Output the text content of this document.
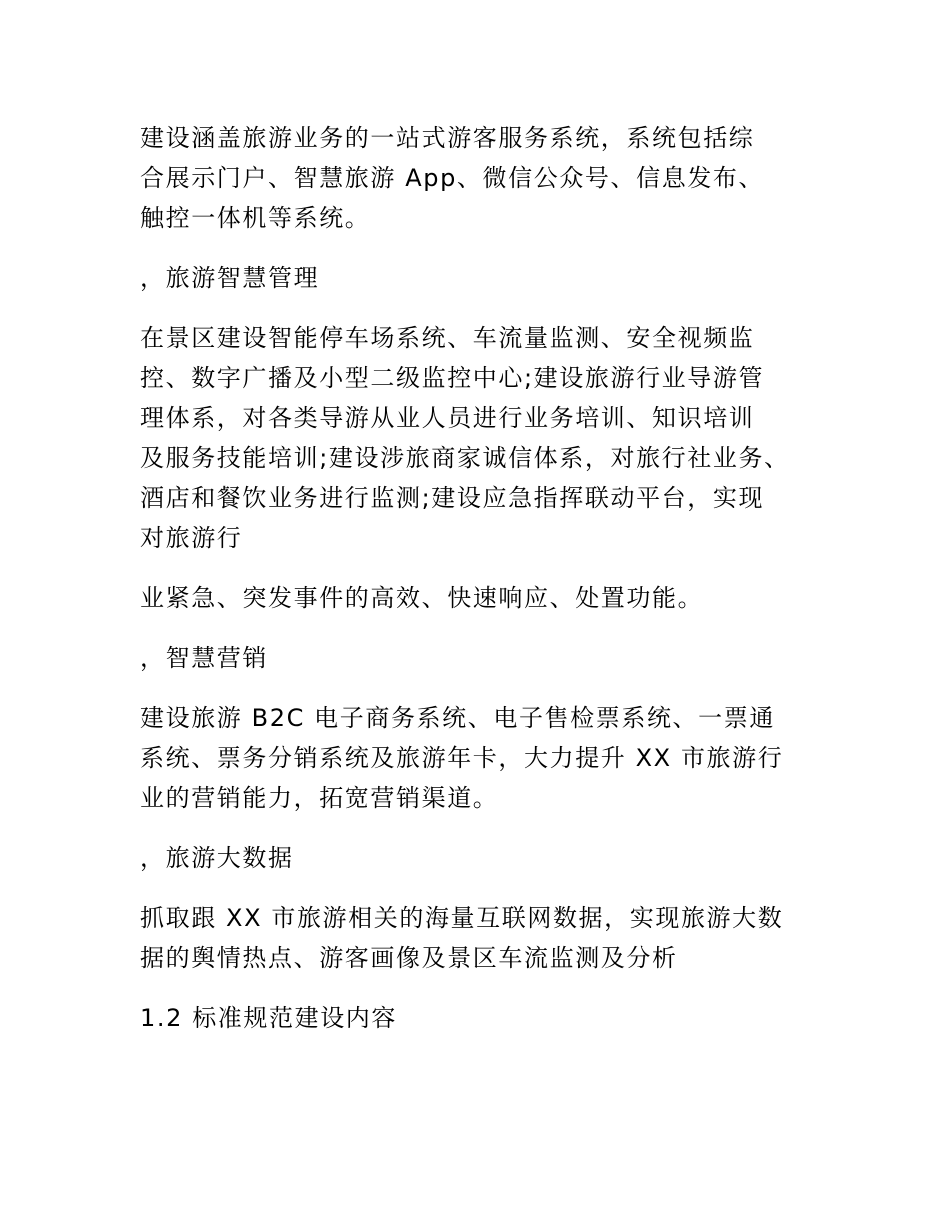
建设涵盖旅游业务的一站式游客服务系统，系统包括综
合展示门户、智慧旅游 App、微信公众号、信息发布、
触控一体机等系统。

，旅游智慧管理

在景区建设智能停车场系统、车流量监测、安全视频监
控、数字广播及小型二级监控中心;建设旅游行业导游管
理体系，对各类导游从业人员进行业务培训、知识培训
及服务技能培训;建设涉旅商家诚信体系，对旅行社业务、
酒店和餐饮业务进行监测;建设应急指挥联动平台，实现
对旅游行

业紧急、突发事件的高效、快速响应、处置功能。

，智慧营销

建设旅游 B2C 电子商务系统、电子售检票系统、一票通
系统、票务分销系统及旅游年卡，大力提升 XX 市旅游行
业的营销能力，拓宽营销渠道。

，旅游大数据

抓取跟 XX 市旅游相关的海量互联网数据，实现旅游大数
据的舆情热点、游客画像及景区车流监测及分析

1.2 标准规范建设内容
